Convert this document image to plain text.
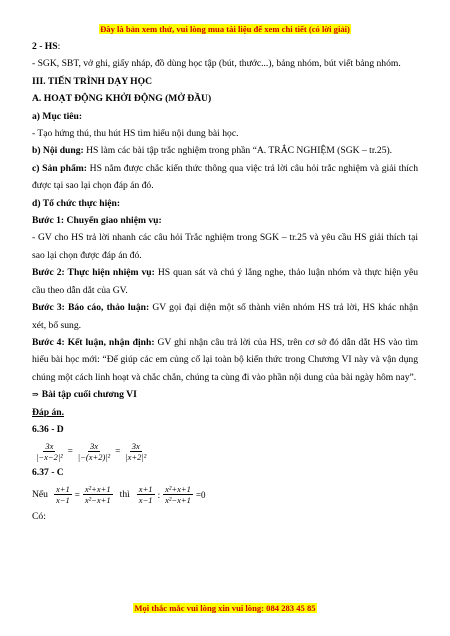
Đây là bản xem thử, vui lòng mua tài liệu để xem chi tiết (có lời giải)
2 - HS:
- SGK, SBT, vở ghi, giấy nháp, đồ dùng học tập (bút, thước...), bảng nhóm, bút viết bảng nhóm.
III. TIẾN TRÌNH DẠY HỌC
A. HOẠT ĐỘNG KHỞI ĐỘNG (MỞ ĐẦU)
a) Mục tiêu:
- Tạo hứng thú, thu hút HS tìm hiểu nội dung bài học.
b) Nội dung: HS làm các bài tập trắc nghiệm trong phần “A. TRẮC NGHIỆM (SGK – tr.25).
c) Sản phẩm: HS nắm được chắc kiến thức thông qua việc trả lời câu hỏi trắc nghiệm và giải thích được tại sao lại chọn đáp án đó.
d) Tổ chức thực hiện:
Bước 1: Chuyển giao nhiệm vụ:
- GV cho HS trả lời nhanh các câu hỏi Trắc nghiệm trong SGK – tr.25 và yêu cầu HS giải thích tại sao lại chọn được đáp án đó.
Bước 2: Thực hiện nhiệm vụ: HS quan sát và chú ý lắng nghe, thảo luận nhóm và thực hiện yêu cầu theo dẫn dắt của GV.
Bước 3: Báo cáo, thảo luận: GV gọi đại diện một số thành viên nhóm HS trả lời, HS khác nhận xét, bổ sung.
Bước 4: Kết luận, nhận định: GV ghi nhận câu trả lời của HS, trên cơ sở đó dẫn dắt HS vào tìm hiểu bài học mới: “Để giúp các em củng cố lại toàn bộ kiến thức trong Chương VI này và vận dụng chúng một cách linh hoạt và chắc chắn, chúng ta cùng đi vào phần nội dung của bài ngày hôm nay”.
⇒ Bài tập cuối chương VI
Đáp án.
6.36 - D
$\frac{3x}{\text{|−x−2|²}} = \frac{3x}{\text{|−(x+2)|²}} = \frac{3x}{\text{|x+2|²}}$
6.37 - C
Nếu $\frac{x+1}{x-1} = \frac{\text{x²+x+1}}{\text{x²−x+1}}$ thì $\frac{x+1}{x-1}$ : $\frac{\text{x²+x+1}}{\text{x²−x+1}} =0$
Có:
Mọi thắc mắc vui lòng xin vui lòng: 084 283 45 85
